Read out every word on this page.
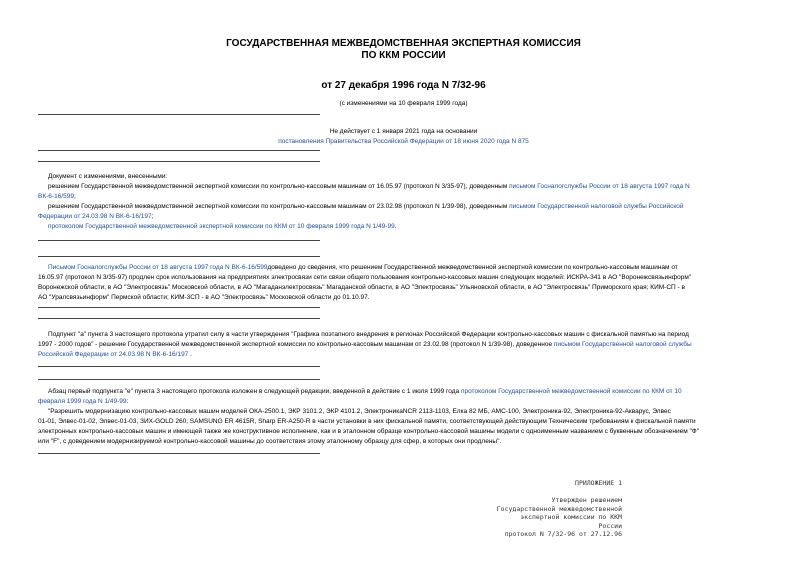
ГОСУДАРСТВЕННАЯ МЕЖВЕДОМСТВЕННАЯ ЭКСПЕРТНАЯ КОМИССИЯ
ПО ККМ РОССИИ
от 27 декабря 1996 года N 7/32-96
(с изменениями на 10 февраля 1999 года)
Не действует с 1 января 2021 года на основании
постановления Правительства Российской Федерации от 18 июня 2020 года N 875
Документ с изменениями, внесенными:
решением Государственной межведомственной экспертной комиссии по контрольно-кассовым машинам от 16.05.97 (протокол N 3/35-97), доведенным письмом Госналогслужбы России от 18 августа 1997 года N
ВК-6-16/599;
решением Государственной межведомственной экспертной комиссии по контрольно-кассовым машинам от 23.02.98 (протокол N 1/39-98), доведенным письмом Государственной налоговой службы Российской
Федерации от 24.03.98 N ВК-6-16/197;
протоколом Государственной межведомственной экспертной комиссии по ККМ от 10 февраля 1999 года N 1/49-99.
Письмом Госналогслужбы России от 18 августа 1997 года N ВК-6-16/599доведено до сведения, что решением Государственной межведомственной экспертной комиссии по контрольно-кассовым машинам от
16.05.97 (протокол N 3/35-97) продлен срок использования на предприятиях электросвязи сети связи общего пользования контрольно-кассовых машин следующих моделей: ИСКРА-341 в АО "Воронежсвязьинформ"
Воронежской области, в АО "Электросвязь" Московской области, в АО "Магаданэлектросвязь" Магаданской области, в АО "Электросвязь" Ульяновской области, в АО "Электросвязь" Приморского края; КИМ-СП - в
АО "Уралсвязьинформ" Пермской области; КИМ-3СП - в АО "Электросвязь" Московской области до 01.10.97.
Подпункт "а" пункта 3 настоящего протокола утратил силу в части утверждения "Графика поэтапного внедрения в регионах Российской Федерации контрольно-кассовых машин с фискальной памятью на период
1997 - 2000 годов" - решение Государственной межведомственной экспертной комиссии по контрольно-кассовым машинам от 23.02.98 (протокол N 1/39-98), доведенное письмом Государственной налоговой службы
Российской Федерации от 24.03.98 N ВК-6-16/197 .
Абзац первый подпункта "е" пункта 3 настоящего протокола изложен в следующей редакции, введенной в действие с 1 июля 1999 года протоколом Государственной межведомственной комиссии по ККМ от 10
февраля 1999 года N 1/49-99:
"Разрешить модернизацию контрольно-кассовых машин моделей ОКА-2500.1, ЭКР 3101.2, ЭКР 4101.2, ЭлектроникаNCR 2113-1103, Елка 82 МБ, АМС-100, Электроника-92, Электроника-92-Акварус, Элвес
01-01, Элвес-01-02, Элвес-01-03, ЗИХ-GOLD 260, SAMSUNG ER 4615R, Sharp ER-A250-R в части установки в них фискальной памяти, соответствующей действующим Техническим требованиям к фискальной памяти
электронных контрольно-кассовых машин и имеющей также же конструктивное исполнение, как и в эталонном образце контрольно-кассовой машины модели с одноименным названием с буквенным обозначением "Ф"
или "F", с доведением модернизируемой контрольно-кассовой машины до соответствия этому эталонному образцу для сфер, в которых они продлены".
ПРИЛОЖЕНИЕ 1
Утвержден решением
Государственной межведомственной
экспертной комиссии по ККМ
России
протокол N 7/32-96 от 27.12.96
